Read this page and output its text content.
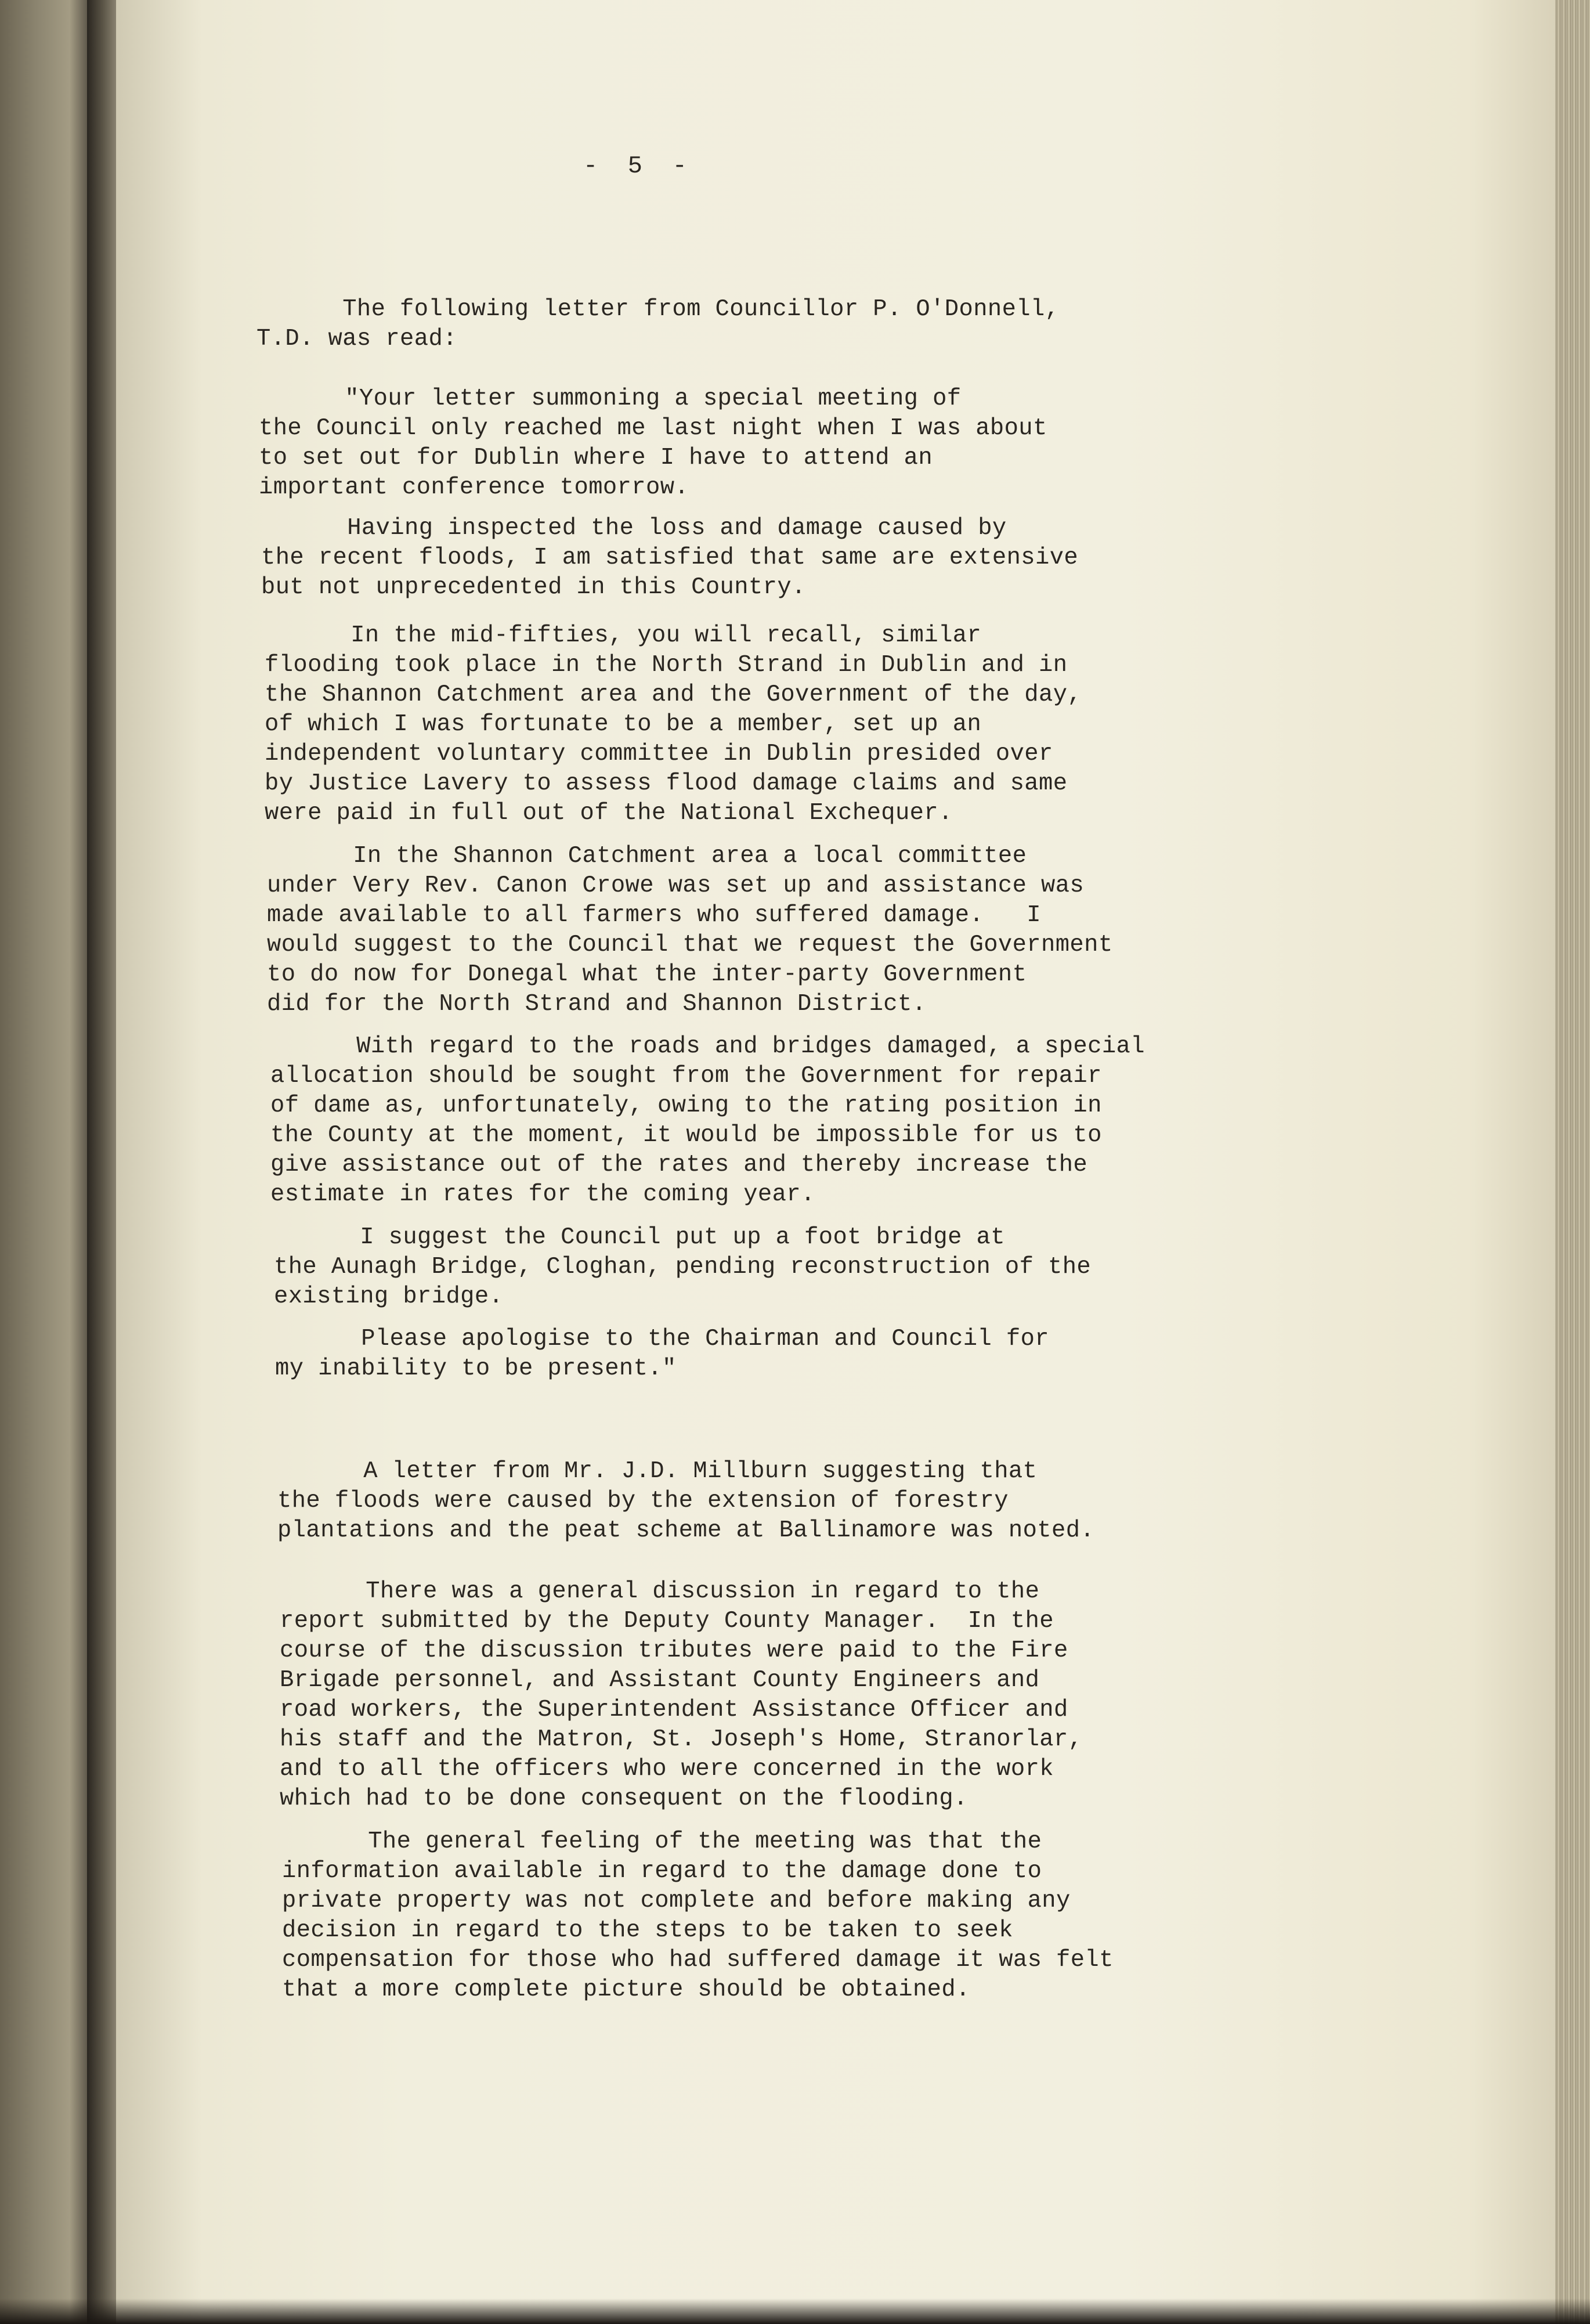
-  5  -
The following letter from Councillor P. O'Donnell,
T.D. was read:
"Your letter summoning a special meeting of
the Council only reached me last night when I was about
to set out for Dublin where I have to attend an
important conference tomorrow.
Having inspected the loss and damage caused by
the recent floods, I am satisfied that same are extensive
but not unprecedented in this Country.
In the mid-fifties, you will recall, similar
flooding took place in the North Strand in Dublin and in
the Shannon Catchment area and the Government of the day,
of which I was fortunate to be a member, set up an
independent voluntary committee in Dublin presided over
by Justice Lavery to assess flood damage claims and same
were paid in full out of the National Exchequer.
In the Shannon Catchment area a local committee
under Very Rev. Canon Crowe was set up and assistance was
made available to all farmers who suffered damage.   I
would suggest to the Council that we request the Government
to do now for Donegal what the inter-party Government
did for the North Strand and Shannon District.
With regard to the roads and bridges damaged, a special
allocation should be sought from the Government for repair
of dame as, unfortunately, owing to the rating position in
the County at the moment, it would be impossible for us to
give assistance out of the rates and thereby increase the
estimate in rates for the coming year.
I suggest the Council put up a foot bridge at
the Aunagh Bridge, Cloghan, pending reconstruction of the
existing bridge.
Please apologise to the Chairman and Council for
my inability to be present."
A letter from Mr. J.D. Millburn suggesting that
the floods were caused by the extension of forestry
plantations and the peat scheme at Ballinamore was noted.
There was a general discussion in regard to the
report submitted by the Deputy County Manager.  In the
course of the discussion tributes were paid to the Fire
Brigade personnel, and Assistant County Engineers and
road workers, the Superintendent Assistance Officer and
his staff and the Matron, St. Joseph's Home, Stranorlar,
and to all the officers who were concerned in the work
which had to be done consequent on the flooding.
The general feeling of the meeting was that the
information available in regard to the damage done to
private property was not complete and before making any
decision in regard to the steps to be taken to seek
compensation for those who had suffered damage it was felt
that a more complete picture should be obtained.
